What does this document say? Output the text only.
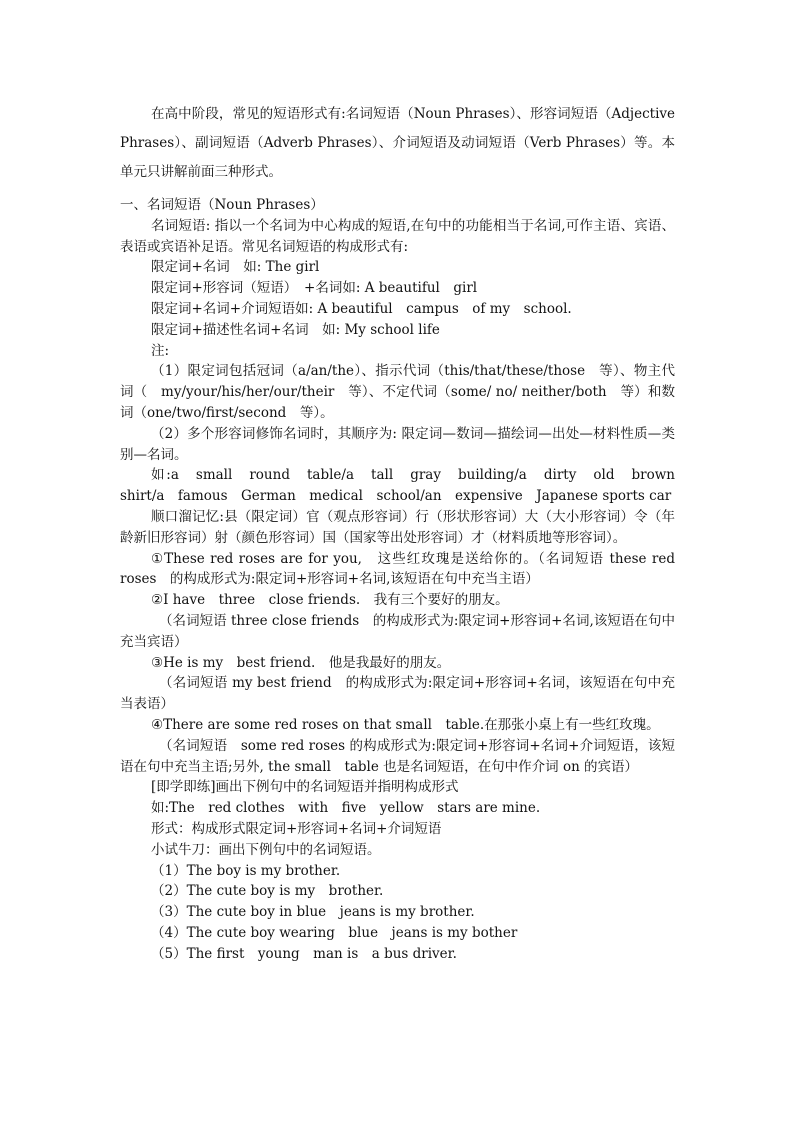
在高中阶段，常见的短语形式有:名词短语（Noun Phrases）、形容词短语（Adjective Phrases）、副词短语（Adverb Phrases）、介词短语及动词短语（Verb Phrases）等。本单元只讲解前面三种形式。

一、名词短语（Noun Phrases）

名词短语: 指以一个名词为中心构成的短语,在句中的功能相当于名词,可作主语、宾语、表语或宾语补足语。常见名词短语的构成形式有:

限定词+名词　如: The girl

限定词+形容词（短语）　+名词如: A beautiful　girl

限定词+名词+介词短语如: A beautiful　campus　of my　school.

限定词+描述性名词+名词　如: My school life

注:

（1）限定词包括冠词（a/an/the）、指示代词（this/that/these/those　等）、物主代词（　my/your/his/her/our/their　等）、不定代词（some/ no/ neither/both　等）和数词（one/two/first/second　等）。

（2）多个形容词修饰名词时，其顺序为: 限定词—数词—描绘词—出处—材料性质—类别—名词。

如:a　small　round　table/a　tall　gray　building/a　dirty　old　brown　shirt/a　famous　German　medical　school/an　expensive　Japanese sports car

顺口溜记忆:县（限定词）官（观点形容词）行（形状形容词）大（大小形容词）令（年龄新旧形容词）射（颜色形容词）国（国家等出处形容词）才（材料质地等形容词）。

①These red roses are for you,　这些红玫瑰是送给你的。（名词短语 these red roses　的构成形式为:限定词+形容词+名词,该短语在句中充当主语）

②I have　three　close friends.　我有三个要好的朋友。

（名词短语 three close friends　的构成形式为:限定词+形容词+名词,该短语在句中充当宾语）

③He is my　best friend.　他是我最好的朋友。

（名词短语 my best friend　的构成形式为:限定词+形容词+名词，该短语在句中充当表语）

④There are some red roses on that small　table.在那张小桌上有一些红玫瑰。

（名词短语　some red roses 的构成形式为:限定词+形容词+名词+介词短语，该短语在句中充当主语;另外, the small　table 也是名词短语，在句中作介词 on 的宾语）

[即学即练]画出下例句中的名词短语并指明构成形式

如:The　red clothes　with　five　yellow　stars are mine.

形式：构成形式限定词+形容词+名词+介词短语

小试牛刀：画出下例句中的名词短语。

（1）The boy is my brother.

（2）The cute boy is my　brother.

（3）The cute boy in blue　jeans is my brother.

（4）The cute boy wearing　blue　jeans is my bother

（5）The first　young　man is　a bus driver.
